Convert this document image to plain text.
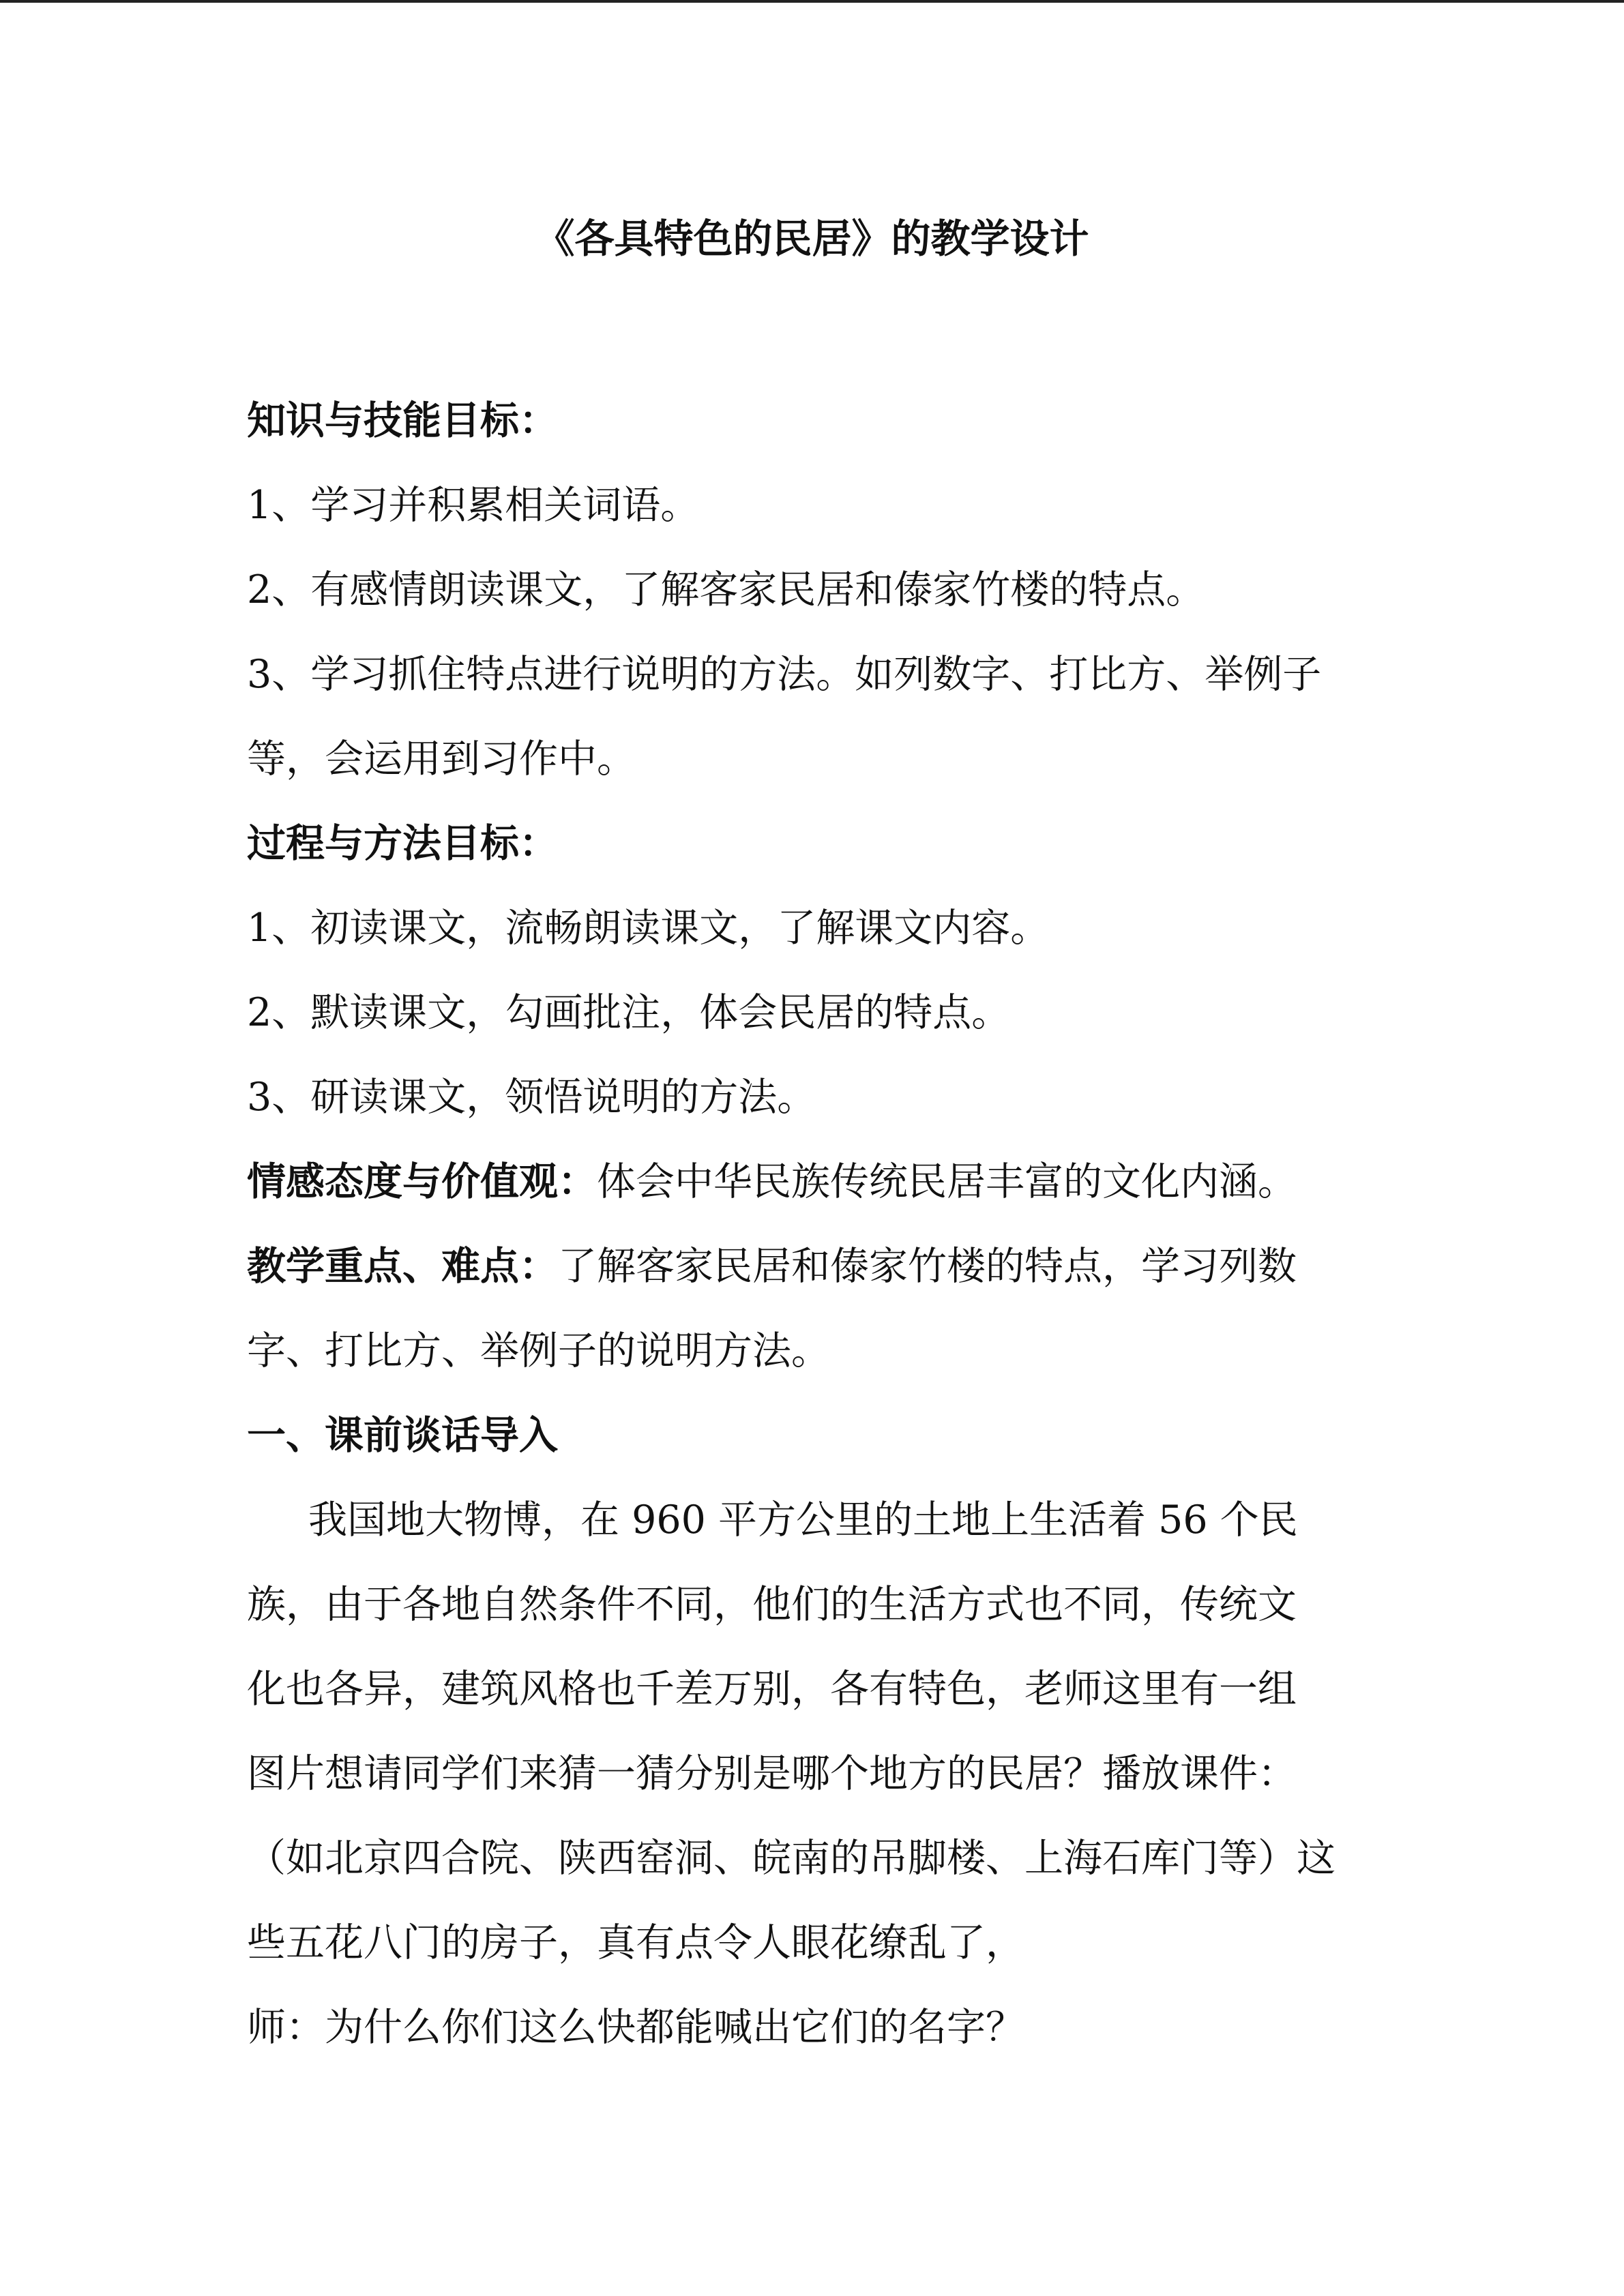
《各具特色的民居》的教学设计
知识与技能目标：
1、学习并积累相关词语。
2、有感情朗读课文，了解客家民居和傣家竹楼的特点。
3、学习抓住特点进行说明的方法。如列数字、打比方、举例子
等，会运用到习作中。
过程与方法目标：
1、初读课文，流畅朗读课文，了解课文内容。
2、默读课文，勾画批注，体会民居的特点。
3、研读课文，领悟说明的方法。
情感态度与价值观：体会中华民族传统民居丰富的文化内涵。
教学重点、难点：了解客家民居和傣家竹楼的特点，学习列数
字、打比方、举例子的说明方法。
一、课前谈话导入
我国地大物博，在 960 平方公里的土地上生活着 56 个民
族，由于各地自然条件不同，他们的生活方式也不同，传统文
化也各异，建筑风格也千差万别，各有特色，老师这里有一组
图片想请同学们来猜一猜分别是哪个地方的民居？播放课件：
（如北京四合院、陕西窑洞、皖南的吊脚楼、上海石库门等）这
些五花八门的房子，真有点令人眼花缭乱了，
师：为什么你们这么快都能喊出它们的名字？
